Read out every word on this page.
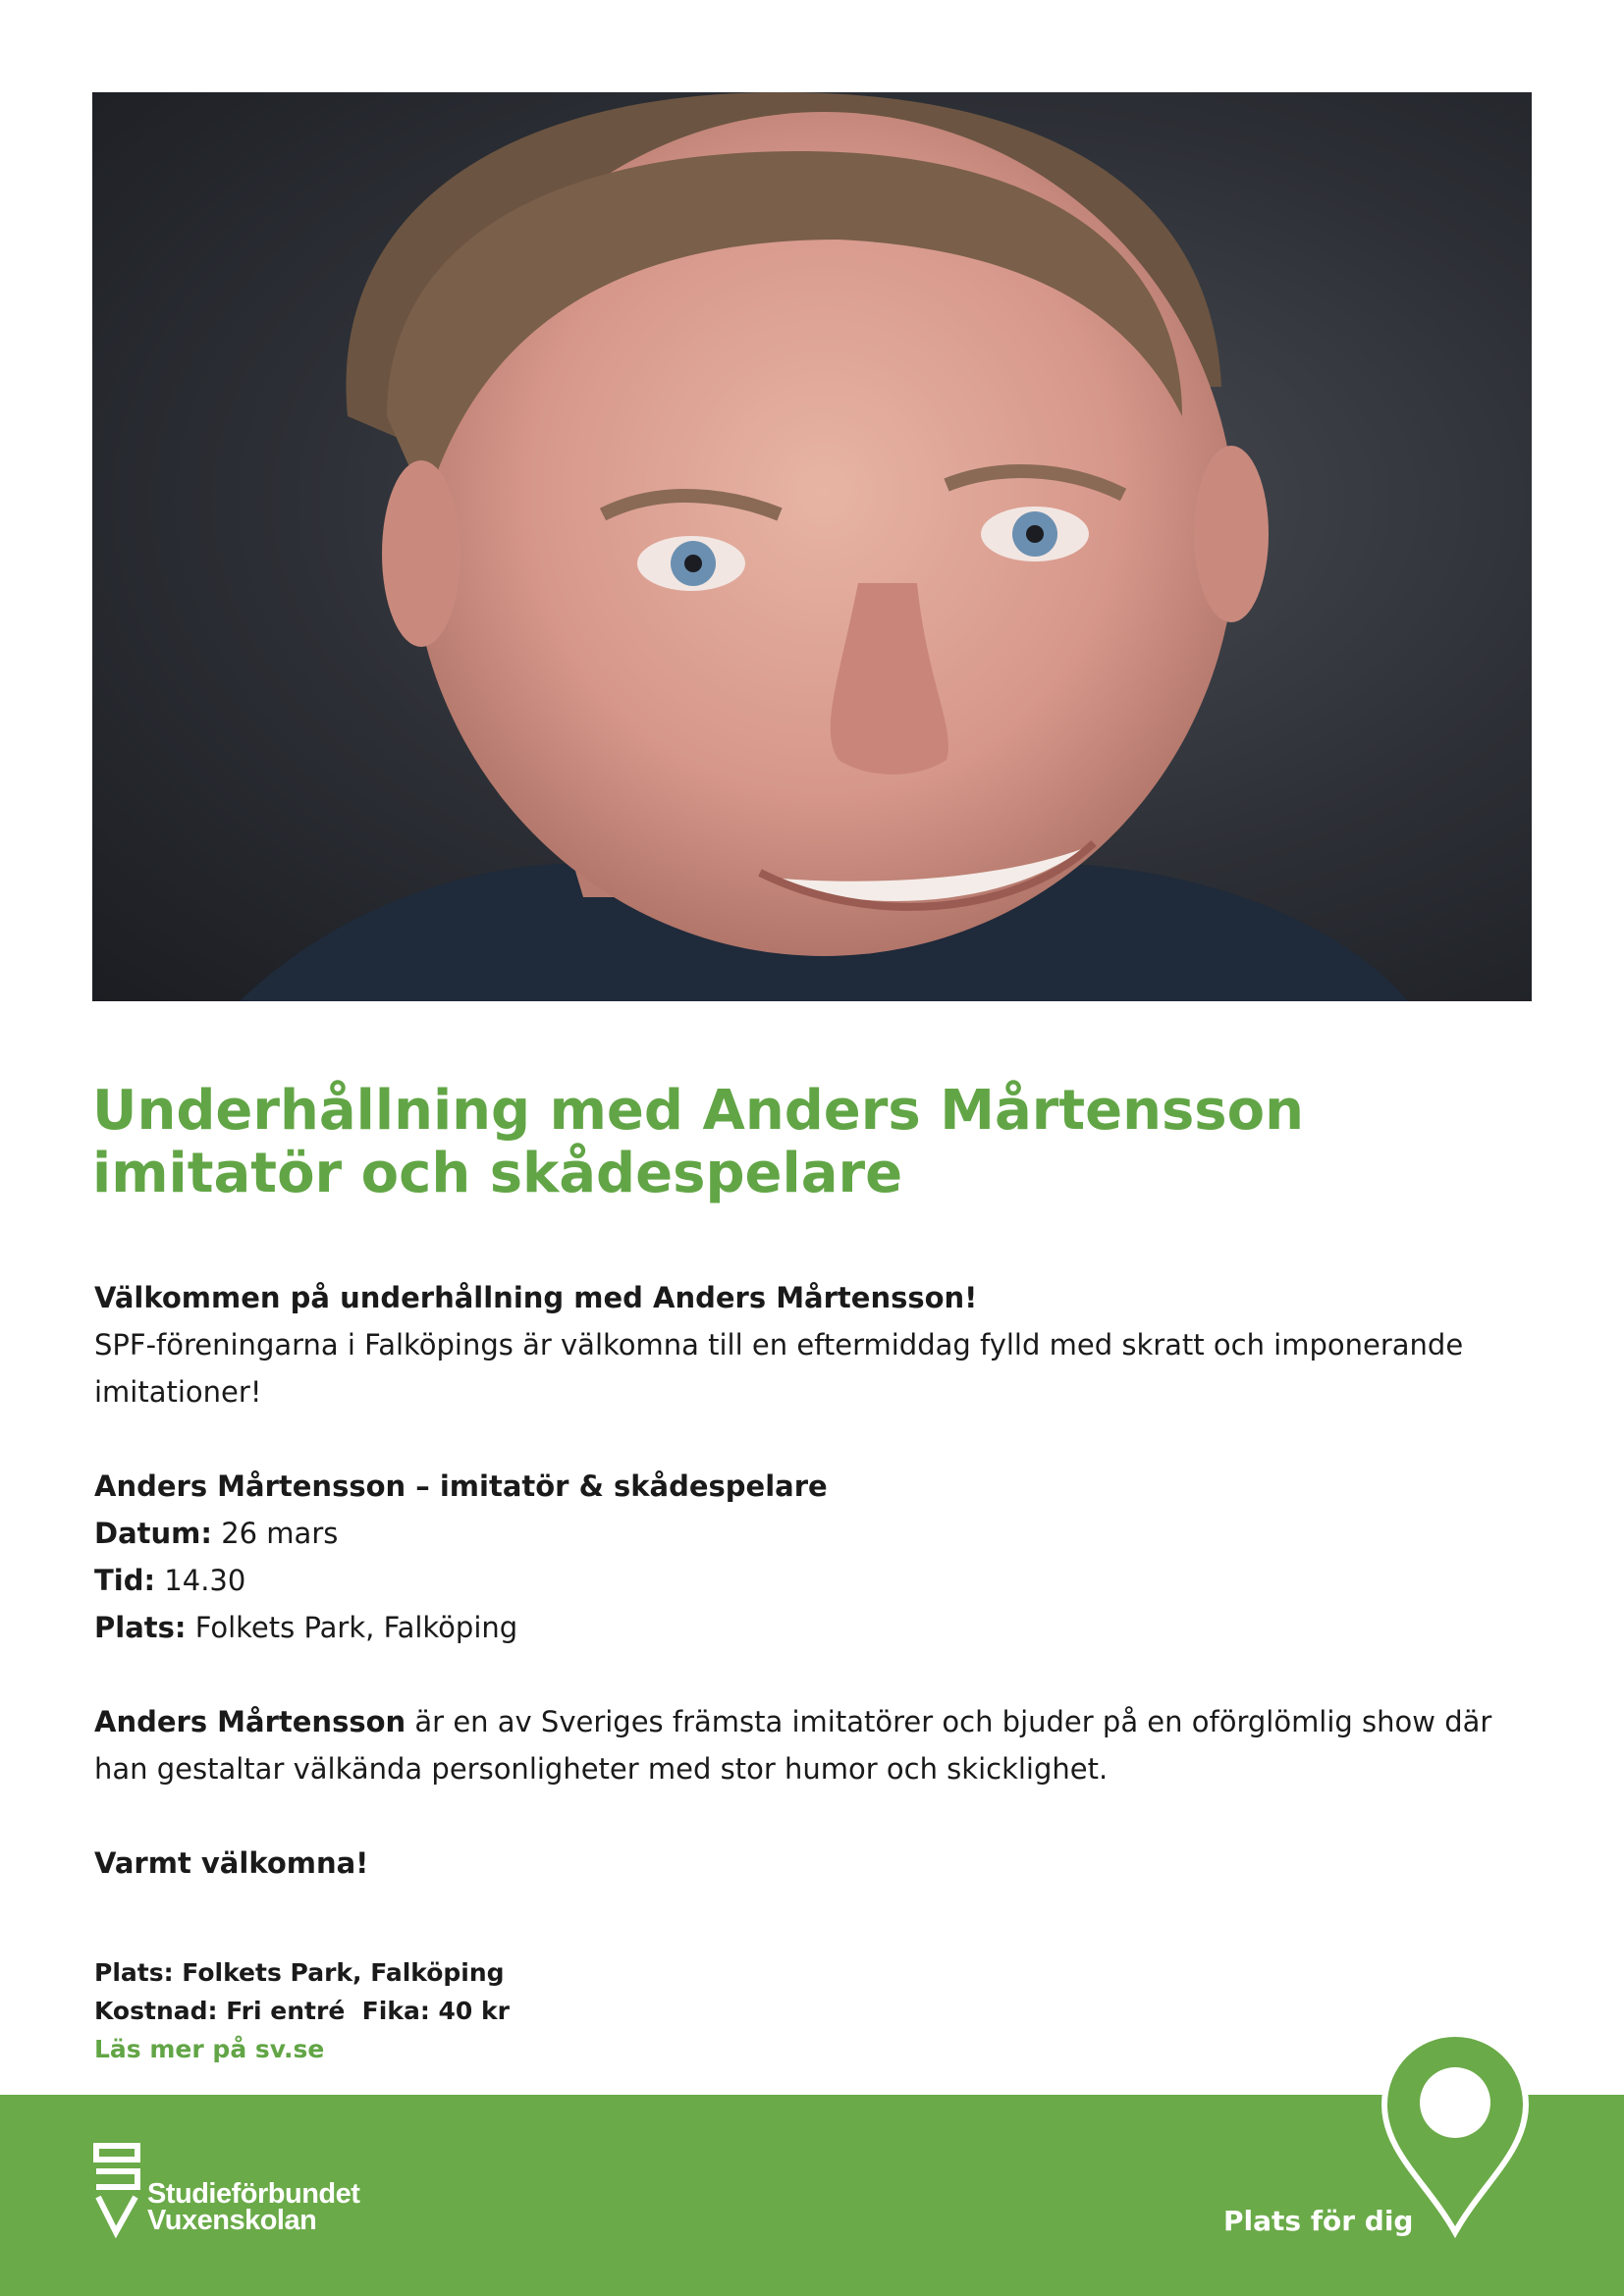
Underhållning med Anders Mårtensson
imitatör och skådespelare

Välkommen på underhållning med Anders Mårtensson!

SPF-föreningarna i Falköpings är välkomna till en eftermiddag fylld med skratt och imponerande imitationer!

Anders Mårtensson – imitatör & skådespelare

Datum: 26 mars

Tid: 14.30

Plats: Folkets Park, Falköping

Anders Mårtensson är en av Sveriges främsta imitatörer och bjuder på en oförglömlig show där han gestaltar välkända personligheter med stor humor och skicklighet.

Varmt välkomna!

Plats: Folkets Park, Falköping
Kostnad: Fri entré  Fika: 40 kr
Läs mer på sv.se
Studieförbundet
Vuxenskolan	Plats för dig
